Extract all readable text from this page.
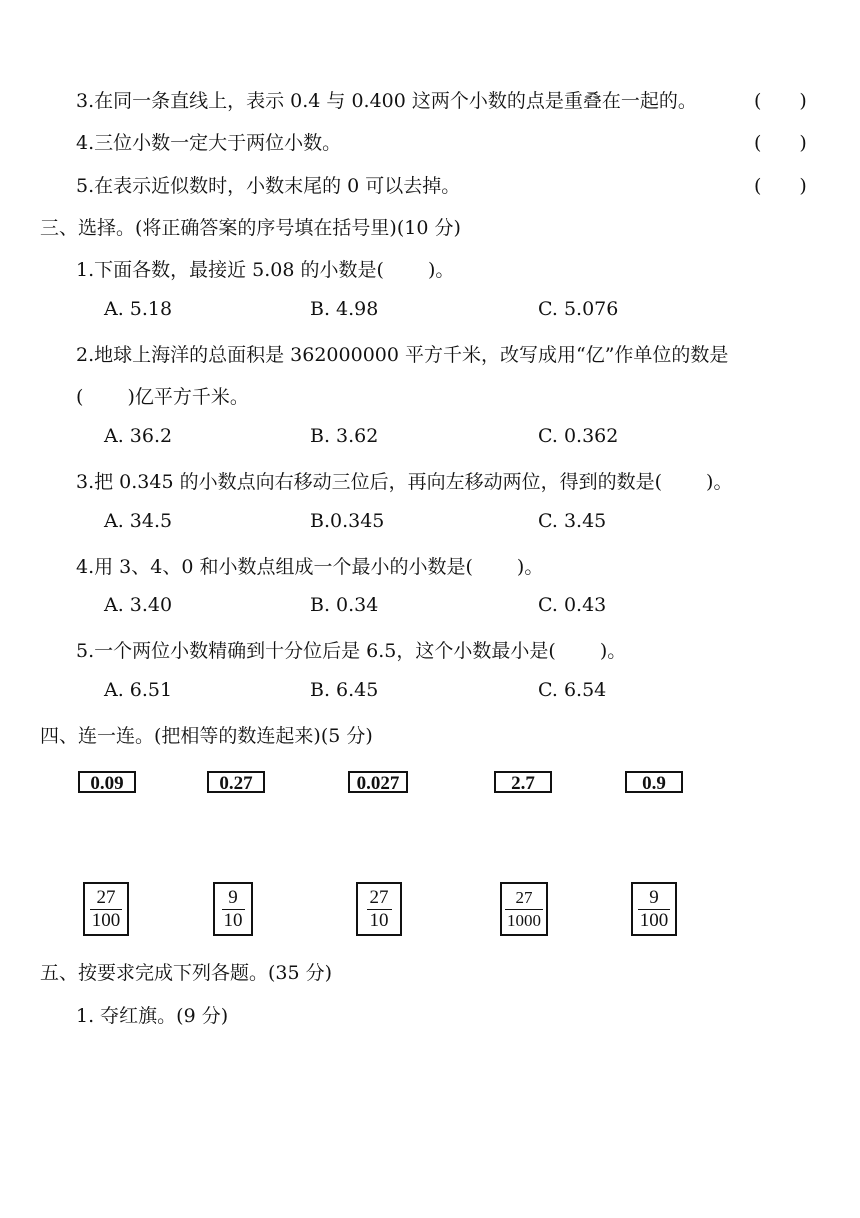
3.在同一条直线上，表示 0.4 与 0.400 这两个小数的点是重叠在一起的。	(　　)
4.三位小数一定大于两位小数。	(　　)
5.在表示近似数时，小数末尾的 0 可以去掉。	(　　)
三、选择。(将正确答案的序号填在括号里)(10 分)
1.下面各数，最接近 5.08 的小数是(　　 )。
A. 5.18	B. 4.98	C. 5.076
2.地球上海洋的总面积是 362000000 平方千米，改写成用“亿”作单位的数是
(　　 )亿平方千米。
A. 36.2	B. 3.62	C. 0.362
3.把 0.345 的小数点向右移动三位后，再向左移动两位，得到的数是(　　 )。
A. 34.5	B.0.345	C. 3.45
4.用 3、4、0 和小数点组成一个最小的小数是(　　 )。
A. 3.40	B. 0.34	C. 0.43
5.一个两位小数精确到十分位后是 6.5，这个小数最小是(　　 )。
A. 6.51	B. 6.45	C. 6.54
四、连一连。(把相等的数连起来)(5 分)
0.09	0.27	0.027	2.7	0.9
$\frac{27}{100}$	$\frac{9}{10}$	$\frac{27}{10}$	$\frac{27}{1000}$	$\frac{9}{100}$
五、按要求完成下列各题。(35 分)
1. 夺红旗。(9 分)
